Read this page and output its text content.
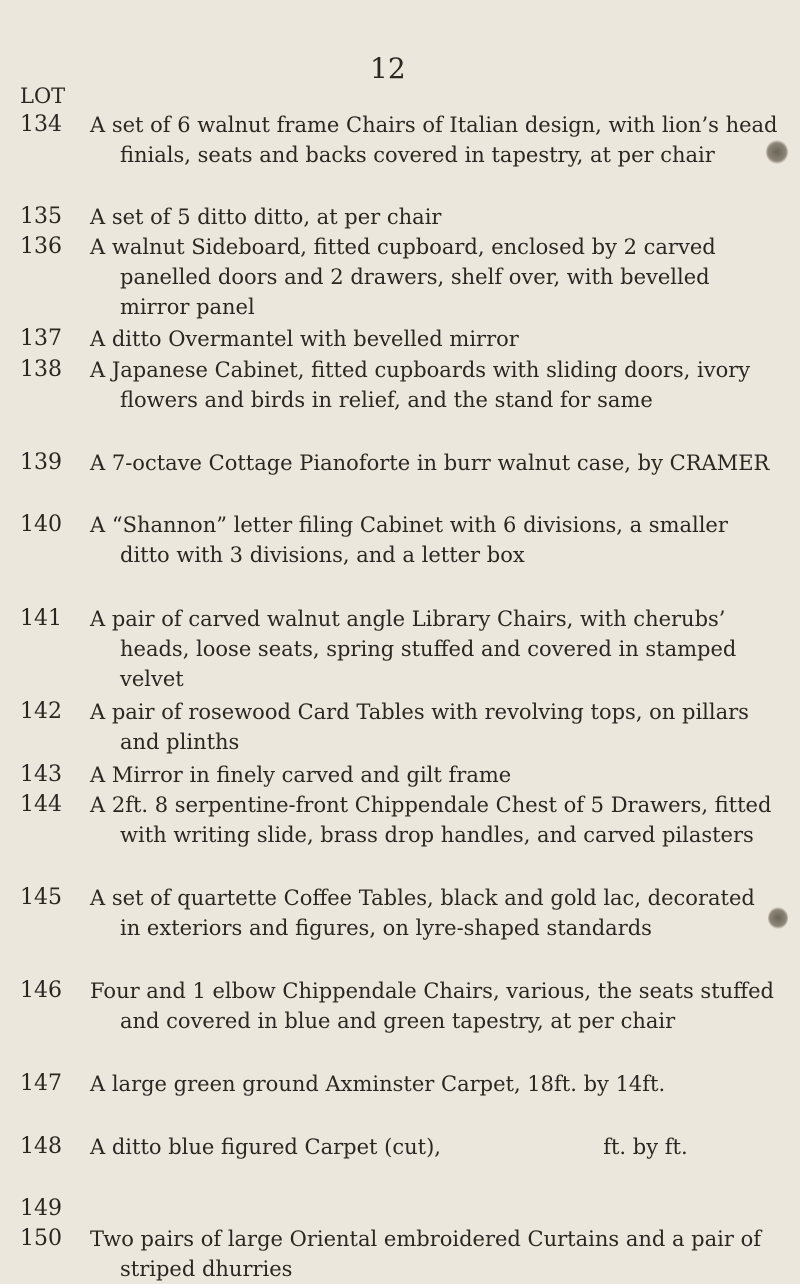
12
LOT
134 A set of 6 walnut frame Chairs of Italian design, with lion’s head finials, seats and backs covered in tapestry, at per chair
135 A set of 5 ditto ditto, at per chair
136 A walnut Sideboard, fitted cupboard, enclosed by 2 carved panelled doors and 2 drawers, shelf over, with bevelled mirror panel
137 A ditto Overmantel with bevelled mirror
138 A Japanese Cabinet, fitted cupboards with sliding doors, ivory flowers and birds in relief, and the stand for same
139 A 7-octave Cottage Pianoforte in burr walnut case, by CRAMER
140 A “Shannon” letter filing Cabinet with 6 divisions, a smaller ditto with 3 divisions, and a letter box
141 A pair of carved walnut angle Library Chairs, with cherubs’ heads, loose seats, spring stuffed and covered in stamped velvet
142 A pair of rosewood Card Tables with revolving tops, on pillars and plinths
143 A Mirror in finely carved and gilt frame
144 A 2ft. 8 serpentine-front Chippendale Chest of 5 Drawers, fitted with writing slide, brass drop handles, and carved pilasters
145 A set of quartette Coffee Tables, black and gold lac, decorated in exteriors and figures, on lyre-shaped standards
146 Four and 1 elbow Chippendale Chairs, various, the seats stuffed and covered in blue and green tapestry, at per chair
147 A large green ground Axminster Carpet, 18ft. by 14ft.
148 A ditto blue figured Carpet (cut),	ft. by ft.
149
150 Two pairs of large Oriental embroidered Curtains and a pair of striped dhurries
